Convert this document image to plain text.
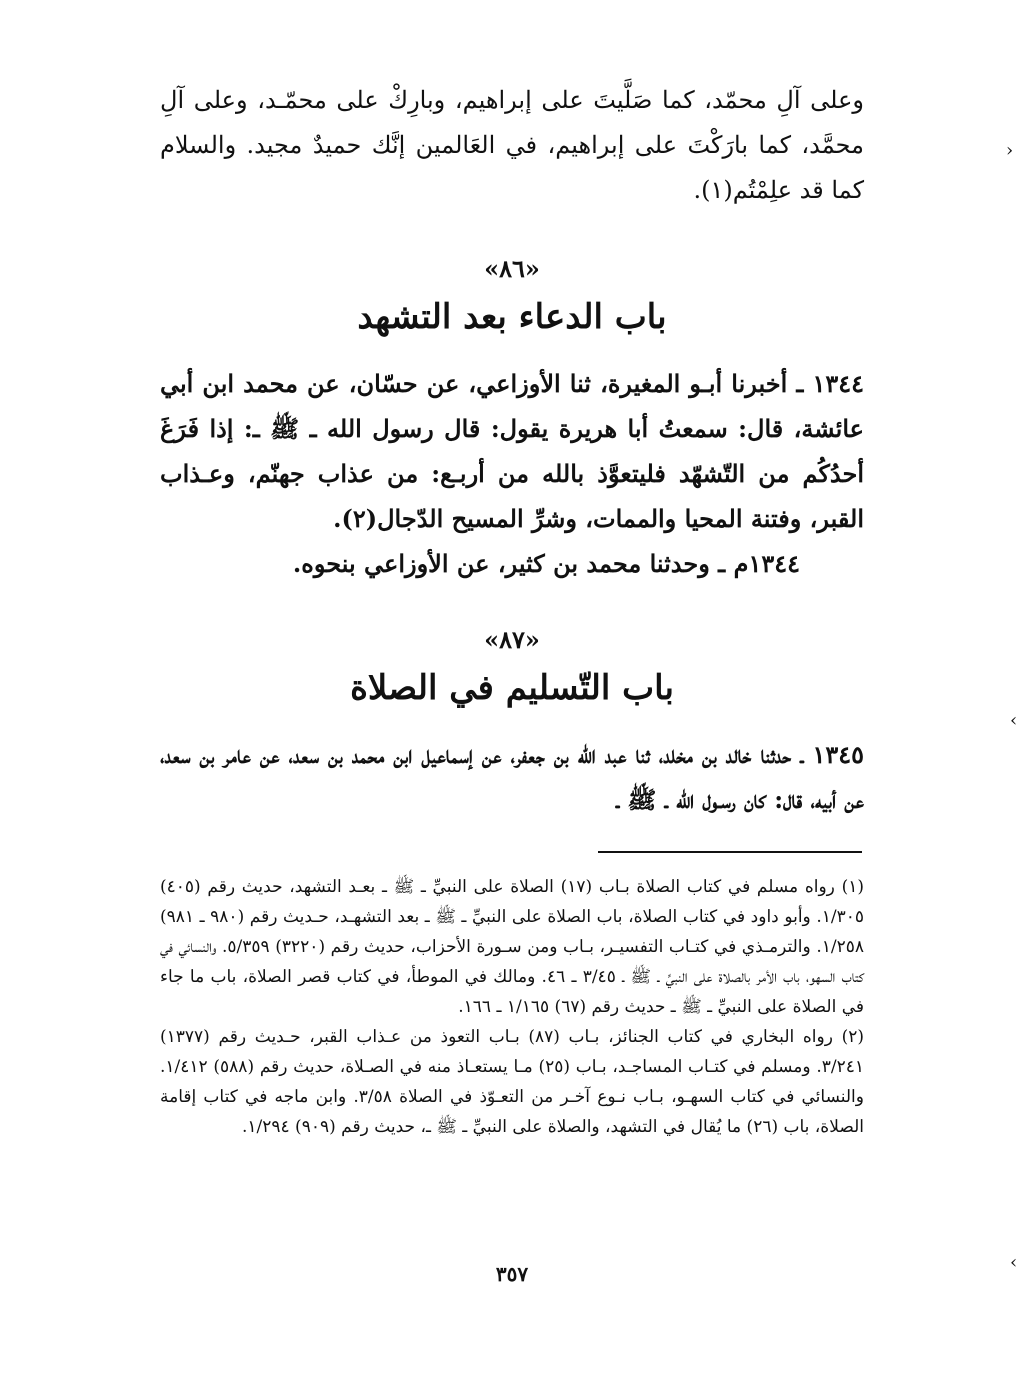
وعلى آلِ محمّد، كما صَلَّيتَ على إبراهيم، وبارِكْ على محمّـد، وعلى آلِ محمَّد، كما بارَكْتَ على إبراهيم، في العَالمين إنَّك حميدٌ مجيد. والسلام كما قد علِمْتُم(١).

«٨٦»

باب الدعاء بعد التشهد

١٣٤٤ ـ أخبرنا أبـو المغيرة، ثنا الأوزاعي، عن حسّان، عن محمد ابن أبي عائشة، قال: سمعتُ أبا هريرة يقول: قال رسول الله ـ ﷺ ـ: إذا فَرَغَ أحدُكُم من التّشهّد فليتعوَّذ بالله من أربـع: من عذاب جهنّم، وعـذاب القبر، وفتنة المحيا والممات، وشرِّ المسيح الدّجال(٢).

١٣٤٤م ـ وحدثنا محمد بن كثير، عن الأوزاعي بنحوه.

«٨٧»

باب التّسليم في الصلاة

١٣٤٥ ـ حدثنا خالد بن مخلد، ثنا عبد الله بن جعفر، عن إسماعيل ابن محمد بن سعد، عن عامر بن سعد، عن أبيه، قال: كان رسـول الله ـ ﷺ ـ

(١) رواه مسلم في كتاب الصلاة بـاب (١٧) الصلاة على النبيِّ ـ ﷺ ـ بعـد التشهد، حديث رقم (٤٠٥) ١/٣٠٥. وأبو داود في كتاب الصلاة، باب الصلاة على النبيِّ ـ ﷺ ـ بعد التشهـد، حـديث رقم (٩٨٠ ـ ٩٨١) ١/٢٥٨. والترمـذي في كتـاب التفسيـر، بـاب ومن سـورة الأحزاب، حديث رقم (٣٢٢٠) ٥/٣٥٩. والنسائي في كتاب السهو، باب الأمر بالصلاة على النبيِّ ـ ﷺ ـ ٣/٤٥ ـ ٤٦. ومالك في الموطأ، في كتاب قصر الصلاة، باب ما جاء في الصلاة على النبيِّ ـ ﷺ ـ حديث رقم (٦٧) ١/١٦٥ ـ ١٦٦.

(٢) رواه البخاري في كتاب الجنائز، بـاب (٨٧) بـاب التعوذ من عـذاب القبر، حـديث رقم (١٣٧٧) ٣/٢٤١. ومسلم في كتـاب المساجـد، بـاب (٢٥) مـا يستعـاذ منه في الصـلاة، حديث رقم (٥٨٨) ١/٤١٢. والنسائي في كتاب السهـو، بـاب نـوع آخـر من التعـوّذ في الصلاة ٣/٥٨. وابن ماجه في كتاب إقامة الصلاة، باب (٢٦) ما يُقال في التشهد، والصلاة على النبيِّ ـ ﷺ ـ، حديث رقم (٩٠٩) ١/٢٩٤.

٣٥٧
›
‹
‹
